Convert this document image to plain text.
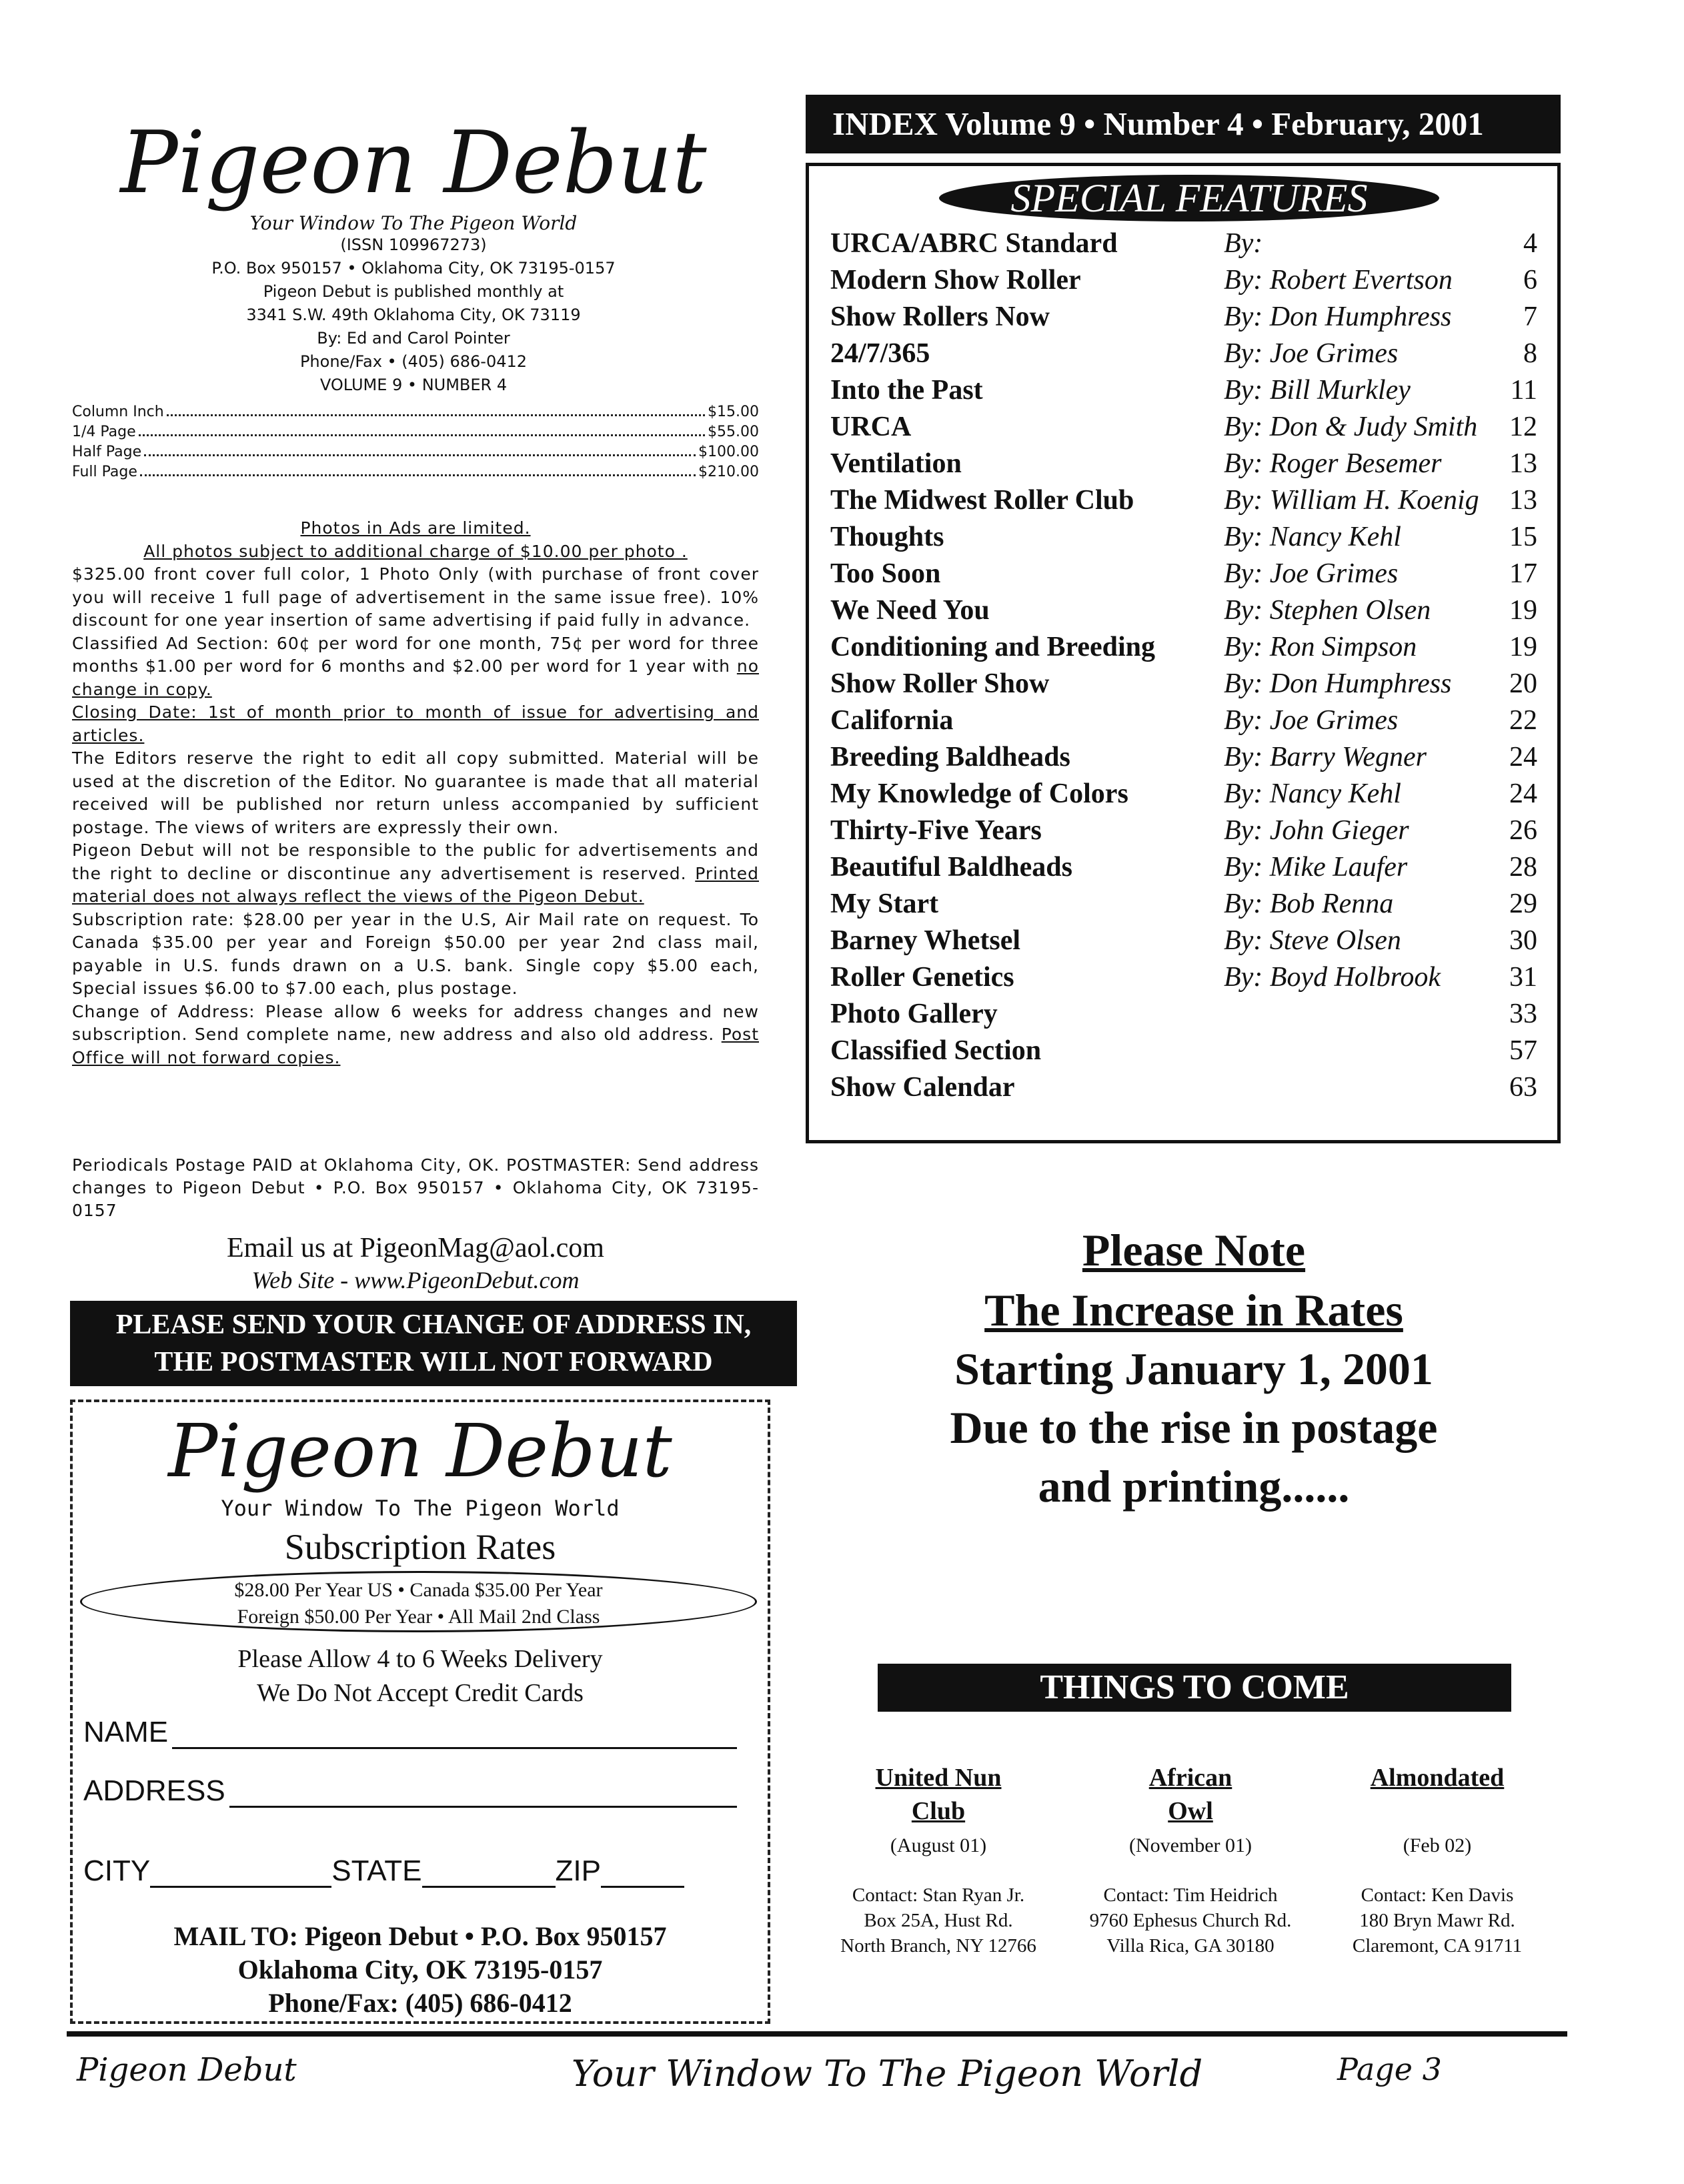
Pigeon Debut
Your Window To The Pigeon World
(ISSN 109967273)
P.O. Box 950157 • Oklahoma City, OK 73195-0157
Pigeon Debut is published monthly at
3341 S.W. 49th Oklahoma City, OK 73119
By: Ed and Carol Pointer
Phone/Fax • (405) 686-0412
VOLUME 9 • NUMBER 4
Column Inch	$15.00
1/4 Page	$55.00
Half Page	$100.00
Full Page	$210.00
Photos in Ads are limited.
All photos subject to additional charge of $10.00 per photo .
$325.00 front cover full color, 1 Photo Only (with purchase of front cover you will receive 1 full page of advertisement in the same issue free). 10% discount for one year insertion of same advertising if paid fully in advance.
Classified Ad Section: 60¢ per word for one month, 75¢ per word for three months $1.00 per word for 6 months and $2.00 per word for 1 year with no change in copy.
Closing Date: 1st of month prior to month of issue for advertising and articles.
The Editors reserve the right to edit all copy submitted. Material will be used at the discretion of the Editor. No guarantee is made that all material received will be published nor return unless accompanied by sufficient postage. The views of writers are expressly their own.
Pigeon Debut will not be responsible to the public for advertisements and the right to decline or discontinue any advertisement is reserved. Printed material does not always reflect the views of the Pigeon Debut.
Subscription rate: $28.00 per year in the U.S, Air Mail rate on request. To Canada $35.00 per year and Foreign $50.00 per year 2nd class mail, payable in U.S. funds drawn on a U.S. bank. Single copy $5.00 each, Special issues $6.00 to $7.00 each, plus postage.
Change of Address: Please allow 6 weeks for address changes and new subscription. Send complete name, new address and also old address. Post Office will not forward copies.
Periodicals Postage PAID at Oklahoma City, OK. POSTMASTER: Send address changes to Pigeon Debut • P.O. Box 950157 • Oklahoma City, OK 73195-0157
Email us at PigeonMag@aol.com
Web Site - www.PigeonDebut.com
PLEASE SEND YOUR CHANGE OF ADDRESS IN,
THE POSTMASTER WILL NOT FORWARD
Pigeon Debut
Your Window To The Pigeon World
Subscription Rates
$28.00 Per Year US • Canada $35.00 Per Year
Foreign $50.00 Per Year • All Mail 2nd Class
Please Allow 4 to 6 Weeks Delivery
We Do Not Accept Credit Cards
NAME
ADDRESS
CITY	STATE	ZIP
MAIL TO: Pigeon Debut • P.O. Box 950157
Oklahoma City, OK 73195-0157
Phone/Fax: (405) 686-0412
INDEX Volume 9 • Number 4 • February, 2001
SPECIAL FEATURES
URCA/ABRC Standard	By:	4
Modern Show Roller	By: Robert Evertson	6
Show Rollers Now	By: Don Humphress	7
24/7/365	By: Joe Grimes	8
Into the Past	By: Bill Murkley	11
URCA	By: Don & Judy Smith 12
Ventilation	By: Roger Besemer 13
The Midwest Roller Club	By: William H. Koenig 13
Thoughts	By: Nancy Kehl	15
Too Soon	By: Joe Grimes	17
We Need You	By: Stephen Olsen	19
Conditioning and Breeding By: Ron Simpson	19
Show Roller Show	By: Don Humphress 20
California	By: Joe Grimes	22
Breeding Baldheads	By: Barry Wegner	24
My Knowledge of Colors	By: Nancy Kehl	24
Thirty-Five Years	By: John Gieger	26
Beautiful Baldheads	By: Mike Laufer	28
My Start	By: Bob Renna	29
Barney Whetsel	By: Steve Olsen	30
Roller Genetics	By: Boyd Holbrook 31
Photo Gallery	33
Classified Section	57
Show Calendar	63
Please Note
The Increase in Rates
Starting January 1, 2001
Due to the rise in postage
and printing......
THINGS TO COME
United Nun
Club
(August 01)
African
Owl
(November 01)
Almondated
(Feb 02)
Contact: Stan Ryan Jr.
Box 25A, Hust Rd.
North Branch, NY 12766
Contact: Tim Heidrich
9760 Ephesus Church Rd.
Villa Rica, GA 30180
Contact: Ken Davis
180 Bryn Mawr Rd.
Claremont, CA 91711
Pigeon Debut	Your Window To The Pigeon World	Page 3
